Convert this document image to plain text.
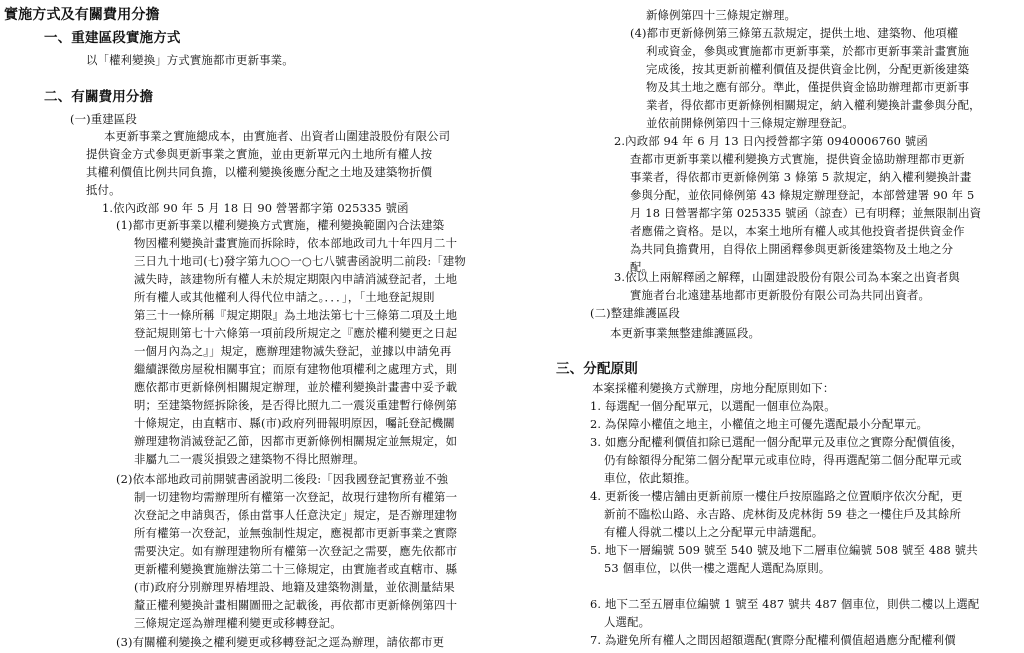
實施方式及有關費用分擔
一、重建區段實施方式
以「權利變換」方式實施都市更新事業。
二、有關費用分擔
(一)重建區段
本更新事業之實施總成本，由實施者、出資者山圍建設股份有限公司
提供資金方式參與更新事業之實施，並由更新單元內土地所有權人按
其權利價值比例共同負擔，以權利變換後應分配之土地及建築物折價
抵付。
1.依內政部 90 年 5 月 18 日 90 營署都字第 025335 號函
(1)都市更新事業以權利變換方式實施，權利變換範圍內合法建築
物因權利變換計畫實施而拆除時，依本部地政司九十年四月二十
三日九十地司(七)發字第九○○一○七八號書函說明二前段:「建物
滅失時，該建物所有權人未於規定期限內申請消滅登記者，土地
所有權人或其他權利人得代位申請之。．．．」，「土地登記規則
第三十一條所稱『規定期限』為土地法第七十三條第二項及土地
登記規則第七十六條第一項前段所規定之『應於權利變更之日起
一個月內為之』」規定，應辦理建物滅失登記，並據以申請免再
繼續課徵房屋稅相關事宜；而原有建物他項權利之處理方式，則
應依都市更新條例相關規定辦理，並於權利變換計畫書中妥予載
明；至建築物經拆除後，是否得比照九二一震災重建暫行條例第
十條規定，由直轄市、縣(市)政府列冊報明原因，囑託登記機關
辦理建物消滅登記乙節，因都市更新條例相關規定並無規定，如
非屬九二一震災損毀之建築物不得比照辦理。
(2)依本部地政司前開號書函說明二後段:「因我國登記實務並不強
制一切建物均需辦理所有權第一次登記，故現行建物所有權第一
次登記之申請與否，係由當事人任意決定」規定，是否辦理建物
所有權第一次登記，並無強制性規定，應視都市更新事業之實際
需要決定。如有辦理建物所有權第一次登記之需要，應先依都市
更新權利變換實施辦法第二十三條規定，由實施者或直轄市、縣
(市)政府分別辦理界樁埋設、地籍及建築物測量，並依測量結果
釐正權利變換計畫相關圖冊之記載後，再依都市更新條例第四十
三條規定逕為辦理權利變更或移轉登記。
(3)有關權利變換之權利變更或移轉登記之逕為辦理，請依都市更
新條例第四十三條規定辦理。
(4)都市更新條例第三條第五款規定，提供土地、建築物、他項權
利或資金，參與或實施都市更新事業，於都市更新事業計畫實施
完成後，按其更新前權利價值及提供資金比例，分配更新後建築
物及其土地之應有部分。準此，僅提供資金協助辦理都市更新事
業者，得依都市更新條例相關規定，納入權利變換計畫參與分配，
並依前開條例第四十三條規定辦理登記。
2.內政部 94 年 6 月 13 日內授營都字第 0940006760 號函
查都市更新事業以權利變換方式實施，提供資金協助辦理都市更新
事業者，得依都市更新條例第 3 條第 5 款規定，納入權利變換計畫
參與分配，並依同條例第 43 條規定辦理登記，本部營建署 90 年 5
月 18 日營署都字第 025335 號函（諒查）已有明釋；並無限制出資
者應備之資格。是以，本案土地所有權人或其他投資者提供資金作
為共同負擔費用，自得依上開函釋參與更新後建築物及土地之分
配。
3.依以上兩解釋函之解釋，山圍建設股份有限公司為本案之出資者與
實施者台北遠建基地都市更新股份有限公司為共同出資者。
(二)整建維護區段
本更新事業無整建維護區段。
三、分配原則
本案採權利變換方式辦理，房地分配原則如下：
1. 每選配一個分配單元，以選配一個車位為限。
2. 為保障小權值之地主，小權值之地主可優先選配最小分配單元。
3. 如應分配權利價值扣除已選配一個分配單元及車位之實際分配價值後，
仍有餘額得分配第二個分配單元或車位時，得再選配第二個分配單元或
車位，依此類推。
4. 更新後一樓店舖由更新前原一樓住戶按原臨路之位置順序依次分配，更
新前不臨松山路、永吉路、虎林街及虎林街 59 巷之一樓住戶及其餘所
有權人得就二樓以上之分配單元申請選配。
5. 地下一層編號 509 號至 540 號及地下二層車位編號 508 號至 488 號共
53 個車位，以供一樓之選配人選配為原則。
6. 地下二至五層車位編號 1 號至 487 號共 487 個車位，則供二樓以上選配
人選配。
7. 為避免所有權人之間因超額選配(實際分配權利價值超過應分配權利價
